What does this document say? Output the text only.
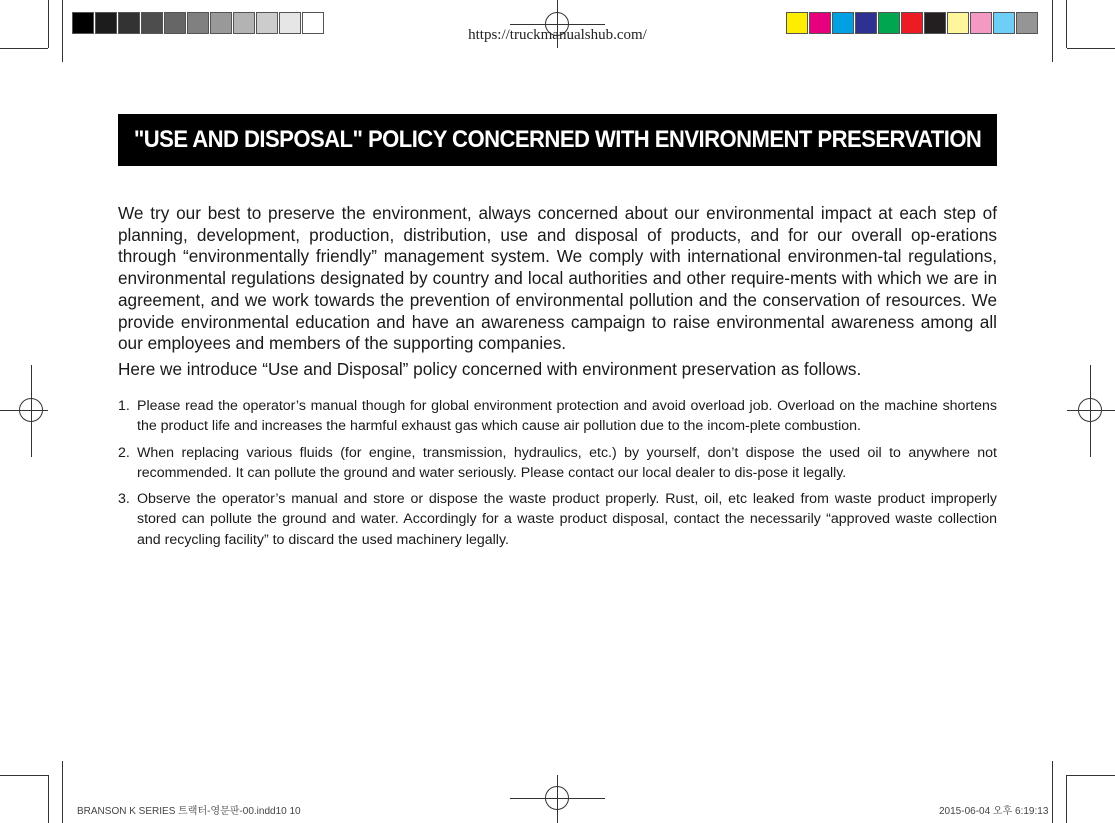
https://truckmanualshub.com/
"USE AND DISPOSAL" POLICY CONCERNED WITH ENVIRONMENT PRESERVATION

We try our best to preserve the environment, always concerned about our environmental impact at each step of planning, development, production, distribution, use and disposal of products, and for our overall op-erations through “environmentally friendly” management system. We comply with international environmen-tal regulations, environmental regulations designated by country and local authorities and other require-ments with which we are in agreement, and we work towards the prevention of environmental pollution and the conservation of resources. We provide environmental education and have an awareness campaign to raise environmental awareness among all our employees and members of the supporting companies.

Here we introduce “Use and Disposal” policy concerned with environment preservation as follows.

1. Please read the operator’s manual though for global environment protection and avoid overload job. Overload on the machine shortens the product life and increases the harmful exhaust gas which cause air pollution due to the incom-plete combustion.
2. When replacing various fluids (for engine, transmission, hydraulics, etc.) by yourself, don’t dispose the used oil to anywhere not recommended. It can pollute the ground and water seriously. Please contact our local dealer to dis-pose it legally.
3. Observe the operator’s manual and store or dispose the waste product properly. Rust, oil, etc leaked from waste product improperly stored can pollute the ground and water. Accordingly for a waste product disposal, contact the necessarily “approved waste collection and recycling facility” to discard the used machinery legally.
BRANSON K SERIES 트랙터-영문판-00.indd10 10	2015-06-04 오후 6:19:13
